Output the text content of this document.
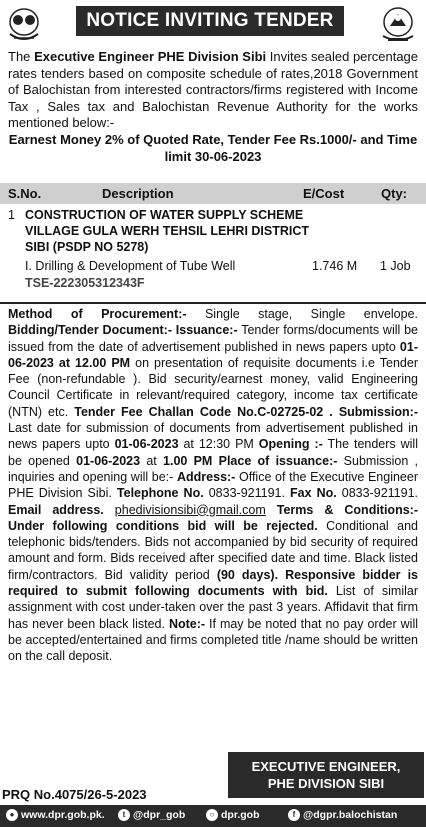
NOTICE INVITING TENDER
The Executive Engineer PHE Division Sibi Invites sealed percentage rates tenders based on composite schedule of rates,2018 Government of Balochistan from interested contractors/firms registered with Income Tax , Sales tax and Balochistan Revenue Authority for the works mentioned below:-
Earnest Money 2% of Quoted Rate, Tender Fee Rs.1000/- and Time limit 30-06-2023
S.No.	Description	E/Cost	Qty:
1 CONSTRUCTION OF WATER SUPPLY SCHEME VILLAGE GULA WERH TEHSIL LEHRI DISTRICT SIBI (PSDP NO 5278)
I. Drilling & Development of Tube Well	1.746 M 1 Job
TSE-222305312343F
Method of Procurement:- Single stage, Single envelope. Bidding/Tender Document:- Issuance:- Tender forms/documents will be issued from the date of advertisement published in news papers upto 01-06-2023 at 12.00 PM on presentation of requisite documents i.e Tender Fee (non-refundable ). Bid security/earnest money, valid Engineering Council Certificate in relevant/required category, income tax certificate (NTN) etc. Tender Fee Challan Code No.C-02725-02 . Submission:- Last date for submission of documents from advertisement published in news papers upto 01-06-2023 at 12:30 PM Opening :- The tenders will be opened 01-06-2023 at 1.00 PM Place of issuance:- Submission , inquiries and opening will be:- Address:- Office of the Executive Engineer PHE Division Sibi. Telephone No. 0833-921191. Fax No. 0833-921191. Email address. phedivisionsibi@gmail.com Terms & Conditions:- Under following conditions bid will be rejected. Conditional and telephonic bids/tenders. Bids not accompanied by bid security of required amount and form. Bids received after specified date and time. Black listed firm/contractors. Bid validity period (90 days). Responsive bidder is required to submit following documents with bid. List of similar assignment with cost under-taken over the past 3 years. Affidavit that firm has never been black listed. Note:- If may be noted that no pay order will be accepted/entertained and firms completed title /name should be written on the call deposit.
EXECUTIVE ENGINEER,
PHE DIVISION SIBI
PRQ No.4075/26-5-2023
● www.dpr.gob.pk.	t @dpr_gob	○ dpr.gob	f @dgpr.balochistan
